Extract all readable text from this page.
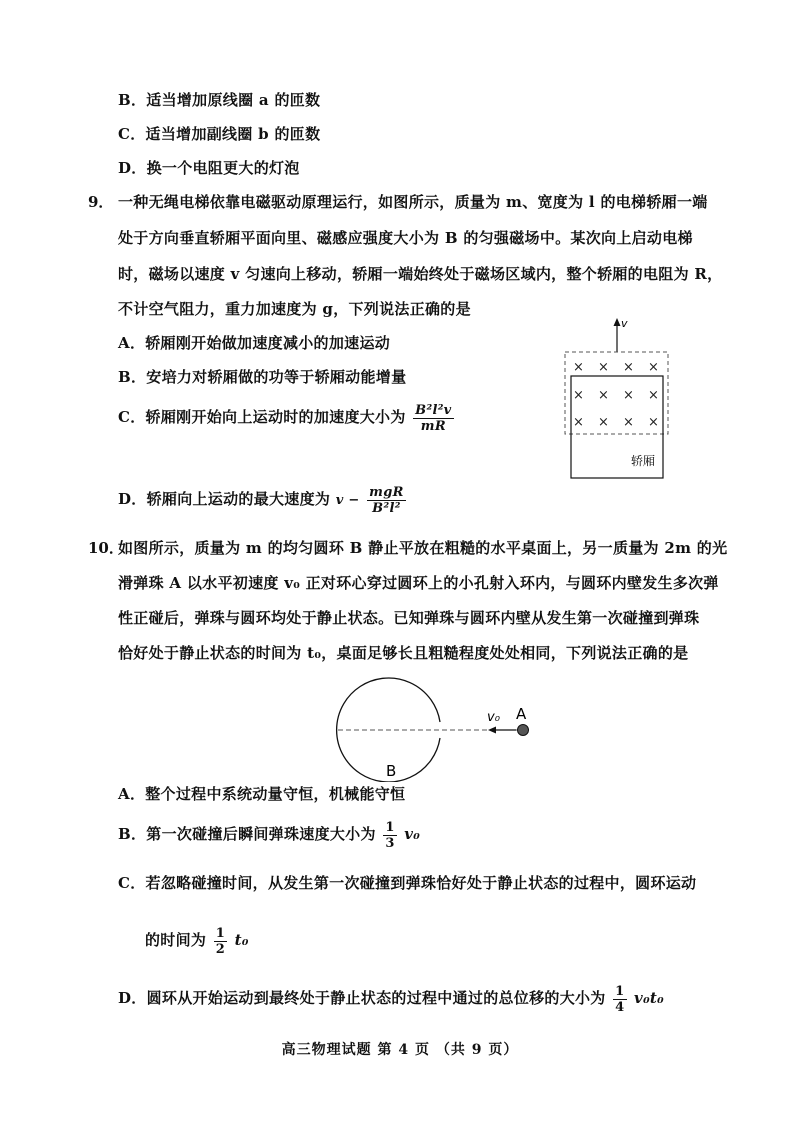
B．适当增加原线圈 a 的匝数
C．适当增加副线圈 b 的匝数
D．换一个电阻更大的灯泡
9． 一种无绳电梯依靠电磁驱动原理运行，如图所示，质量为 m、宽度为 l 的电梯轿厢一端
处于方向垂直轿厢平面向里、磁感应强度大小为 B 的匀强磁场中。某次向上启动电梯
时，磁场以速度 v 匀速向上移动，轿厢一端始终处于磁场区域内，整个轿厢的电阻为 R，
不计空气阻力，重力加速度为 g，下列说法正确的是
A．轿厢刚开始做加速度减小的加速运动
B．安培力对轿厢做的功等于轿厢动能增量
C．轿厢刚开始向上运动时的加速度大小为 $\frac{\text{B²l²v}}{mR}$
D．轿厢向上运动的最大速度为 $v - \frac{\text{mgR}}{\text{B²l²}}$
v
轿厢
× × × ×
× × × ×
× × × ×
10．
如图所示，质量为 m 的均匀圆环 B 静止平放在粗糙的水平桌面上，另一质量为 2m 的光
滑弹珠 A 以水平初速度 v₀ 正对环心穿过圆环上的小孔射入环内，与圆环内壁发生多次弹
性正碰后，弹珠与圆环均处于静止状态。已知弹珠与圆环内壁从发生第一次碰撞到弹珠
恰好处于静止状态的时间为 t₀，桌面足够长且粗糙程度处处相同，下列说法正确的是
v₀ A
B
A．整个过程中系统动量守恒，机械能守恒
B．第一次碰撞后瞬间弹珠速度大小为 $\frac{1}{3} v_0$
C．若忽略碰撞时间，从发生第一次碰撞到弹珠恰好处于静止状态的过程中，圆环运动
的时间为 $\frac{1}{2} t_0$
D．圆环从开始运动到最终处于静止状态的过程中通过的总位移的大小为 $\frac{1}{4} v_0t_0$
高三物理试题 第 4 页 （共 9 页）
